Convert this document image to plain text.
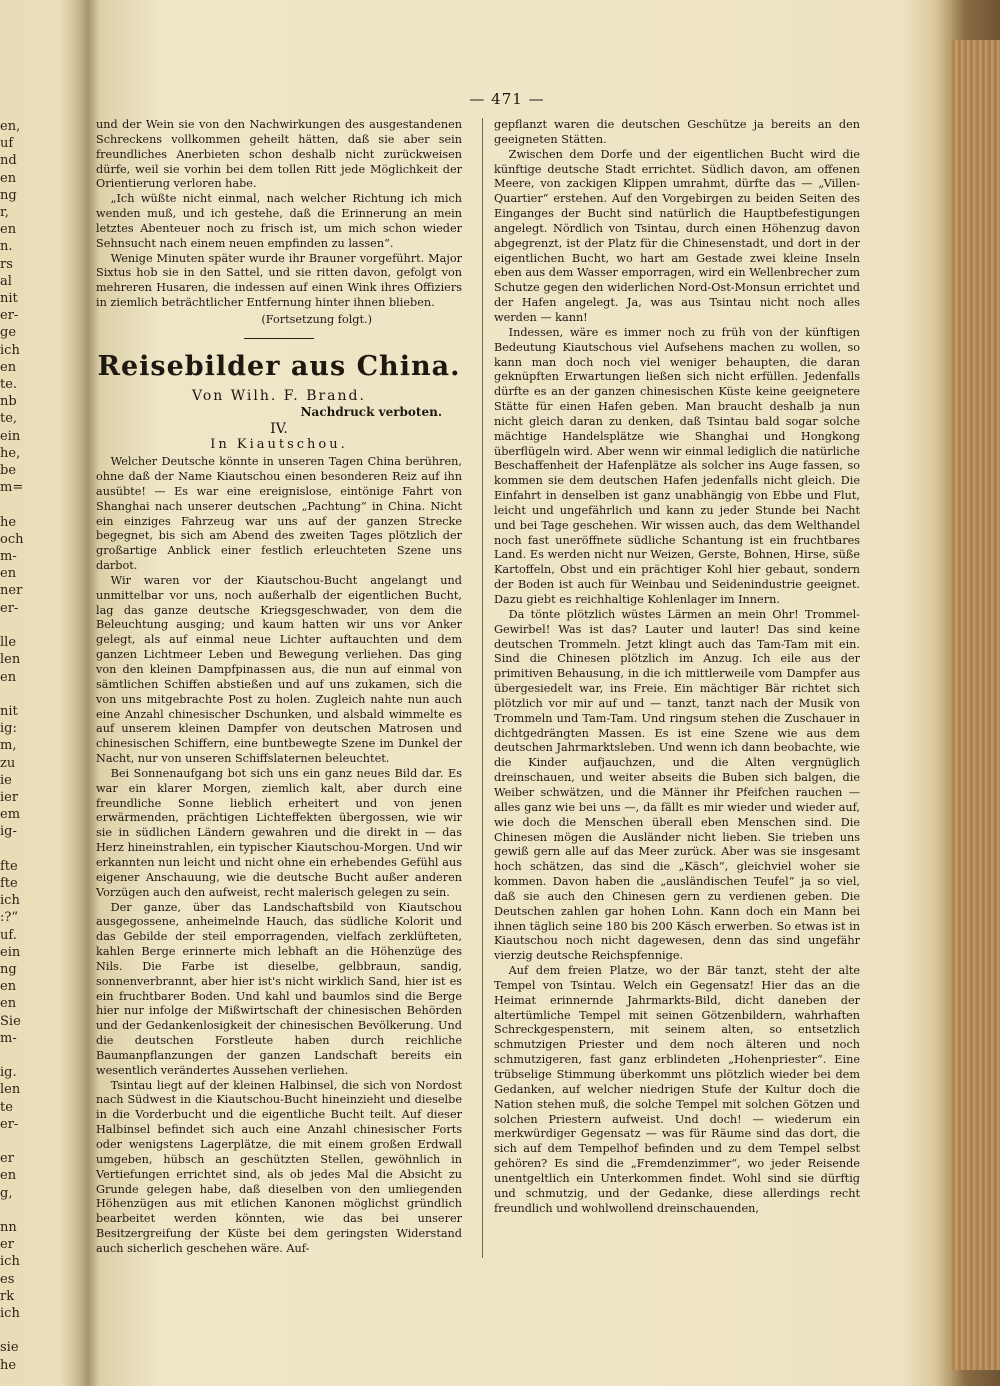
en,
uf
nd
en
ng
r,
en
n.
rs
al
nit
er-
ge
ich
en
te.
nb
te,
ein
he,
be
m=

he
och
m-
en
ner
er-

lle
len
en

nit
ig:
m,
zu
ie
ier
em
ig-

fte
fte
ich
:?“
uf.
ein
ng
en
en
Sie
m-

ig.
len
te
er-

er
en
g,

nn
er
ich
es
rk
ich

sie
he
— 471 —

und der Wein sie von den Nachwirkungen des ausgestandenen Schreckens vollkommen geheilt hätten, daß sie aber sein freundliches Anerbieten schon deshalb nicht zurückweisen dürfe, weil sie vorhin bei dem tollen Ritt jede Möglichkeit der Orientierung verloren habe.

„Ich wüßte nicht einmal, nach welcher Richtung ich mich wenden muß, und ich gestehe, daß die Erinnerung an mein letztes Abenteuer noch zu frisch ist, um mich schon wieder Sehnsucht nach einem neuen empfinden zu lassen“.

Wenige Minuten später wurde ihr Brauner vorgeführt. Major Sixtus hob sie in den Sattel, und sie ritten davon, gefolgt von mehreren Husaren, die indessen auf einen Wink ihres Offiziers in ziemlich beträchtlicher Entfernung hinter ihnen blieben.

(Fortsetzung folgt.)
Reisebilder aus China.
Von Wilh. F. Brand.
Nachdruck verboten.
IV.
In Kiautschou.

Welcher Deutsche könnte in unseren Tagen China berühren, ohne daß der Name Kiautschou einen besonderen Reiz auf ihn ausübte! — Es war eine ereignislose, eintönige Fahrt von Shanghai nach unserer deutschen „Pachtung“ in China. Nicht ein einziges Fahrzeug war uns auf der ganzen Strecke begegnet, bis sich am Abend des zweiten Tages plötzlich der großartige Anblick einer festlich erleuchteten Szene uns darbot.

Wir waren vor der Kiautschou-Bucht angelangt und unmittelbar vor uns, noch außerhalb der eigentlichen Bucht, lag das ganze deutsche Kriegsgeschwader, von dem die Beleuchtung ausging; und kaum hatten wir uns vor Anker gelegt, als auf einmal neue Lichter auftauchten und dem ganzen Lichtmeer Leben und Bewegung verliehen. Das ging von den kleinen Dampfpinassen aus, die nun auf einmal von sämtlichen Schiffen abstießen und auf uns zukamen, sich die von uns mitgebrachte Post zu holen. Zugleich nahte nun auch eine Anzahl chinesischer Dschunken, und alsbald wimmelte es auf unserem kleinen Dampfer von deutschen Matrosen und chinesischen Schiffern, eine buntbewegte Szene im Dunkel der Nacht, nur von unseren Schiffslaternen beleuchtet.

Bei Sonnenaufgang bot sich uns ein ganz neues Bild dar. Es war ein klarer Morgen, ziemlich kalt, aber durch eine freundliche Sonne lieblich erheitert und von jenen erwärmenden, prächtigen Lichteffekten übergossen, wie wir sie in südlichen Ländern gewahren und die direkt in — das Herz hineinstrahlen, ein typischer Kiautschou-Morgen. Und wir erkannten nun leicht und nicht ohne ein erhebendes Gefühl aus eigener Anschauung, wie die deutsche Bucht außer anderen Vorzügen auch den aufweist, recht malerisch gelegen zu sein.

Der ganze, über das Landschaftsbild von Kiautschou ausgegossene, anheimelnde Hauch, das südliche Kolorit und das Gebilde der steil emporragenden, vielfach zerklüfteten, kahlen Berge erinnerte mich lebhaft an die Höhenzüge des Nils. Die Farbe ist dieselbe, gelbbraun, sandig, sonnenverbrannt, aber hier ist's nicht wirklich Sand, hier ist es ein fruchtbarer Boden. Und kahl und baumlos sind die Berge hier nur infolge der Mißwirtschaft der chinesischen Behörden und der Gedankenlosigkeit der chinesischen Bevölkerung. Und die deutschen Forstleute haben durch reichliche Baumanpflanzungen der ganzen Landschaft bereits ein wesentlich verändertes Aussehen verliehen.

Tsintau liegt auf der kleinen Halbinsel, die sich von Nordost nach Südwest in die Kiautschou-Bucht hineinzieht und dieselbe in die Vorderbucht und die eigentliche Bucht teilt. Auf dieser Halbinsel befindet sich auch eine Anzahl chinesischer Forts oder wenigstens Lagerplätze, die mit einem großen Erdwall umgeben, hübsch an geschützten Stellen, gewöhnlich in Vertiefungen errichtet sind, als ob jedes Mal die Absicht zu Grunde gelegen habe, daß dieselben von den umliegenden Höhenzügen aus mit etlichen Kanonen möglichst gründlich bearbeitet werden könnten, wie das bei unserer Besitzergreifung der Küste bei dem geringsten Widerstand auch sicherlich geschehen wäre. Auf-

gepflanzt waren die deutschen Geschütze ja bereits an den geeigneten Stätten.

Zwischen dem Dorfe und der eigentlichen Bucht wird die künftige deutsche Stadt errichtet. Südlich davon, am offenen Meere, von zackigen Klippen umrahmt, dürfte das — „Villen-Quartier“ erstehen. Auf den Vorgebirgen zu beiden Seiten des Einganges der Bucht sind natürlich die Hauptbefestigungen angelegt. Nördlich von Tsintau, durch einen Höhenzug davon abgegrenzt, ist der Platz für die Chinesenstadt, und dort in der eigentlichen Bucht, wo hart am Gestade zwei kleine Inseln eben aus dem Wasser emporragen, wird ein Wellenbrecher zum Schutze gegen den widerlichen Nord-Ost-Monsun errichtet und der Hafen angelegt. Ja, was aus Tsintau nicht noch alles werden — kann!

Indessen, wäre es immer noch zu früh von der künftigen Bedeutung Kiautschous viel Aufsehens machen zu wollen, so kann man doch noch viel weniger behaupten, die daran geknüpften Erwartungen ließen sich nicht erfüllen. Jedenfalls dürfte es an der ganzen chinesischen Küste keine geeignetere Stätte für einen Hafen geben. Man braucht deshalb ja nun nicht gleich daran zu denken, daß Tsintau bald sogar solche mächtige Handelsplätze wie Shanghai und Hongkong überflügeln wird. Aber wenn wir einmal lediglich die natürliche Beschaffenheit der Hafenplätze als solcher ins Auge fassen, so kommen sie dem deutschen Hafen jedenfalls nicht gleich. Die Einfahrt in denselben ist ganz unabhängig von Ebbe und Flut, leicht und ungefährlich und kann zu jeder Stunde bei Nacht und bei Tage geschehen. Wir wissen auch, das dem Welthandel noch fast uneröffnete südliche Schantung ist ein fruchtbares Land. Es werden nicht nur Weizen, Gerste, Bohnen, Hirse, süße Kartoffeln, Obst und ein prächtiger Kohl hier gebaut, sondern der Boden ist auch für Weinbau und Seidenindustrie geeignet. Dazu giebt es reichhaltige Kohlenlager im Innern.

Da tönte plötzlich wüstes Lärmen an mein Ohr! Trommel-Gewirbel! Was ist das? Lauter und lauter! Das sind keine deutschen Trommeln. Jetzt klingt auch das Tam-Tam mit ein. Sind die Chinesen plötzlich im Anzug. Ich eile aus der primitiven Behausung, in die ich mittlerweile vom Dampfer aus übergesiedelt war, ins Freie. Ein mächtiger Bär richtet sich plötzlich vor mir auf und — tanzt, tanzt nach der Musik von Trommeln und Tam-Tam. Und ringsum stehen die Zuschauer in dichtgedrängten Massen. Es ist eine Szene wie aus dem deutschen Jahrmarktsleben. Und wenn ich dann beobachte, wie die Kinder aufjauchzen, und die Alten vergnüglich dreinschauen, und weiter abseits die Buben sich balgen, die Weiber schwätzen, und die Männer ihr Pfeifchen rauchen — alles ganz wie bei uns —, da fällt es mir wieder und wieder auf, wie doch die Menschen überall eben Menschen sind. Die Chinesen mögen die Ausländer nicht lieben. Sie trieben uns gewiß gern alle auf das Meer zurück. Aber was sie insgesamt hoch schätzen, das sind die „Käsch“, gleichviel woher sie kommen. Davon haben die „ausländischen Teufel“ ja so viel, daß sie auch den Chinesen gern zu verdienen geben. Die Deutschen zahlen gar hohen Lohn. Kann doch ein Mann bei ihnen täglich seine 180 bis 200 Käsch erwerben. So etwas ist in Kiautschou noch nicht dagewesen, denn das sind ungefähr vierzig deutsche Reichspfennige.

Auf dem freien Platze, wo der Bär tanzt, steht der alte Tempel von Tsintau. Welch ein Gegensatz! Hier das an die Heimat erinnernde Jahrmarkts-Bild, dicht daneben der altertümliche Tempel mit seinen Götzenbildern, wahrhaften Schreckgespenstern, mit seinem alten, so entsetzlich schmutzigen Priester und dem noch älteren und noch schmutzigeren, fast ganz erblindeten „Hohenpriester“. Eine trübselige Stimmung überkommt uns plötzlich wieder bei dem Gedanken, auf welcher niedrigen Stufe der Kultur doch die Nation stehen muß, die solche Tempel mit solchen Götzen und solchen Priestern aufweist. Und doch! — wiederum ein merkwürdiger Gegensatz — was für Räume sind das dort, die sich auf dem Tempelhof befinden und zu dem Tempel selbst gehören? Es sind die „Fremdenzimmer“, wo jeder Reisende unentgeltlich ein Unterkommen findet. Wohl sind sie dürftig und schmutzig, und der Gedanke, diese allerdings recht freundlich und wohlwollend dreinschauenden,
